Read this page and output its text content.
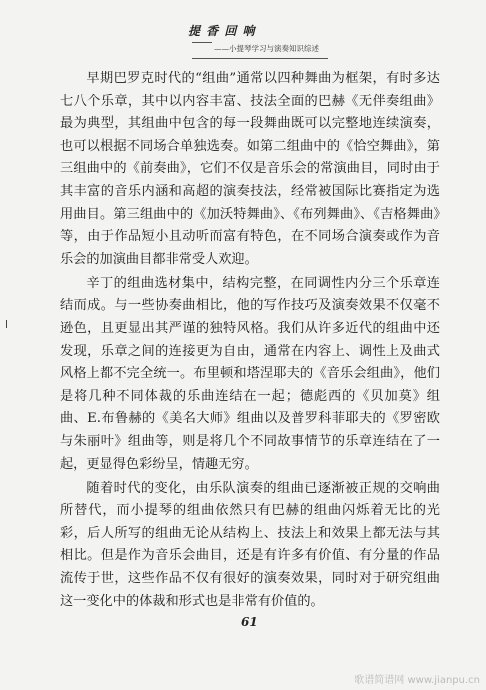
提 香 回 响
——小提琴学习与演奏知识综述

早期巴罗克时代的“组曲”通常以四种舞曲为框架，有时多达七八个乐章，其中以内容丰富、技法全面的巴赫《无伴奏组曲》最为典型，其组曲中包含的每一段舞曲既可以完整地连续演奏，也可以根据不同场合单独选奏。如第二组曲中的《恰空舞曲》，第三组曲中的《前奏曲》，它们不仅是音乐会的常演曲目，同时由于其丰富的音乐内涵和高超的演奏技法，经常被国际比赛指定为选用曲目。第三组曲中的《加沃特舞曲》、《布列舞曲》、《吉格舞曲》等，由于作品短小且动听而富有特色，在不同场合演奏或作为音乐会的加演曲目都非常受人欢迎。

辛丁的组曲选材集中，结构完整，在同调性内分三个乐章连结而成。与一些协奏曲相比，他的写作技巧及演奏效果不仅毫不逊色，且更显出其严谨的独特风格。我们从许多近代的组曲中还发现，乐章之间的连接更为自由，通常在内容上、调性上及曲式风格上都不完全统一。布里顿和塔涅耶夫的《音乐会组曲》，他们是将几种不同体裁的乐曲连结在一起；德彪西的《贝加莫》组曲、E.布鲁赫的《美名大师》组曲以及普罗科菲耶夫的《罗密欧与朱丽叶》组曲等，则是将几个不同故事情节的乐章连结在了一起，更显得色彩纷呈，情趣无穷。

随着时代的变化，由乐队演奏的组曲已逐渐被正规的交响曲所替代，而小提琴的组曲依然只有巴赫的组曲闪烁着无比的光彩，后人所写的组曲无论从结构上、技法上和效果上都无法与其相比。但是作为音乐会曲目，还是有许多有价值、有分量的作品流传于世，这些作品不仅有很好的演奏效果，同时对于研究组曲这一变化中的体裁和形式也是非常有价值的。

61
歌谱简谱网 www.jianpu.cn
